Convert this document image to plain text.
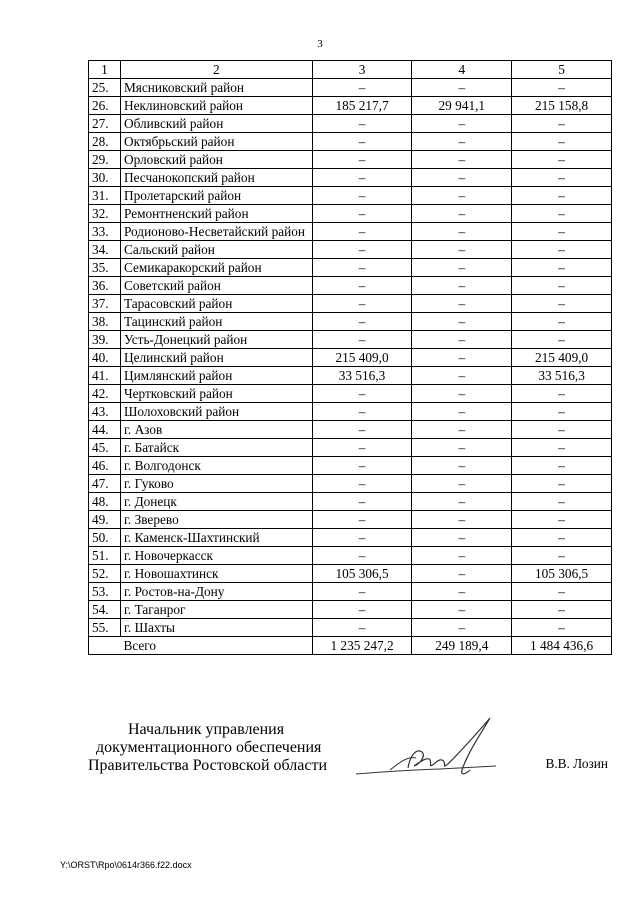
3
1	2	3	4	5
25.	Мясниковский район	–	–	–
26.	Неклиновский район	185 217,7	29 941,1	215 158,8
27.	Обливский район	–	–	–
28.	Октябрьский район	–	–	–
29.	Орловский район	–	–	–
30.	Песчанокопский район	–	–	–
31.	Пролетарский район	–	–	–
32.	Ремонтненский район	–	–	–
33.	Родионово-Несветайский район	–	–	–
34.	Сальский район	–	–	–
35.	Семикаракорский район	–	–	–
36.	Советский район	–	–	–
37.	Тарасовский район	–	–	–
38.	Тацинский район	–	–	–
39.	Усть-Донецкий район	–	–	–
40.	Целинский район	215 409,0	–	215 409,0
41.	Цимлянский район	33 516,3	–	33 516,3
42.	Чертковский район	–	–	–
43.	Шолоховский район	–	–	–
44.	г. Азов	–	–	–
45.	г. Батайск	–	–	–
46.	г. Волгодонск	–	–	–
47.	г. Гуково	–	–	–
48.	г. Донецк	–	–	–
49.	г. Зверево	–	–	–
50.	г. Каменск-Шахтинский	–	–	–
51.	г. Новочеркасск	–	–	–
52.	г. Новошахтинск	105 306,5	–	105 306,5
53.	г. Ростов-на-Дону	–	–	–
54.	г. Таганрог	–	–	–
55.	г. Шахты	–	–	–
	Всего	1 235 247,2	249 189,4	1 484 436,6
Начальник управления
документационного обеспечения
Правительства Ростовской области	В.В. Лозин
Y:\ORST\Rpo\0614r366.f22.docx
